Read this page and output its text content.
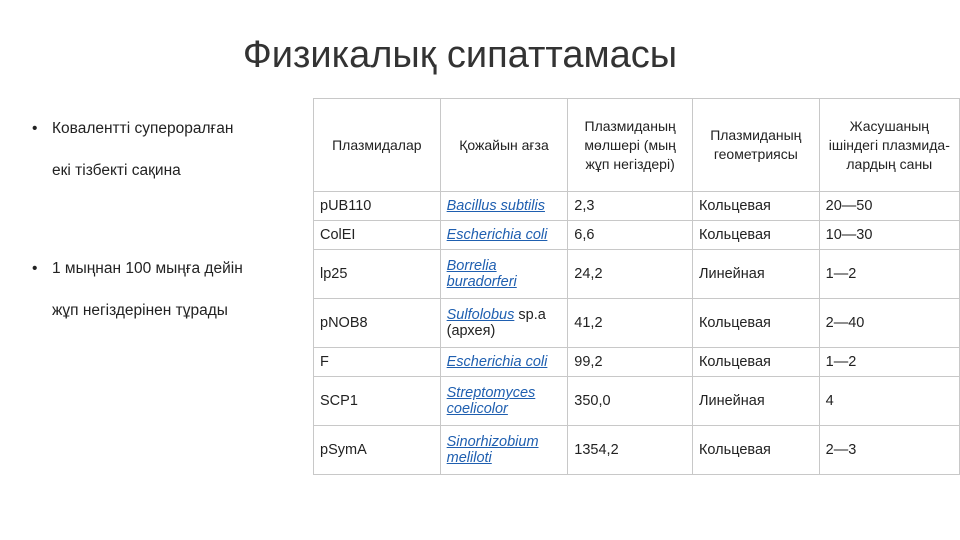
Физикалық сипаттамасы
• Ковалентті супероралған
екі тізбекті сақина
• 1 мыңнан 100 мыңға дейін
жұп негіздерінен тұрады
Плазмидалар	Қожайын ағза	Плазмиданың мөлшері (мың жұп негіздері)	Плазмиданың геометриясы	Жасушаның ішіндегі плазмида-лардың саны
pUB110	Bacillus subtilis	2,3	Кольцевая	20—50
ColEI	Escherichia coli	6,6	Кольцевая	10—30
lp25	Borrelia buradorferi	24,2	Линейная	1—2
pNOB8	Sulfolobus sp.a (архея)	41,2	Кольцевая	2—40
F	Escherichia coli	99,2	Кольцевая	1—2
SCP1	Streptomyces coelicolor	350,0	Линейная	4
pSymA	Sinorhizobium meliloti	1354,2	Кольцевая	2—3
